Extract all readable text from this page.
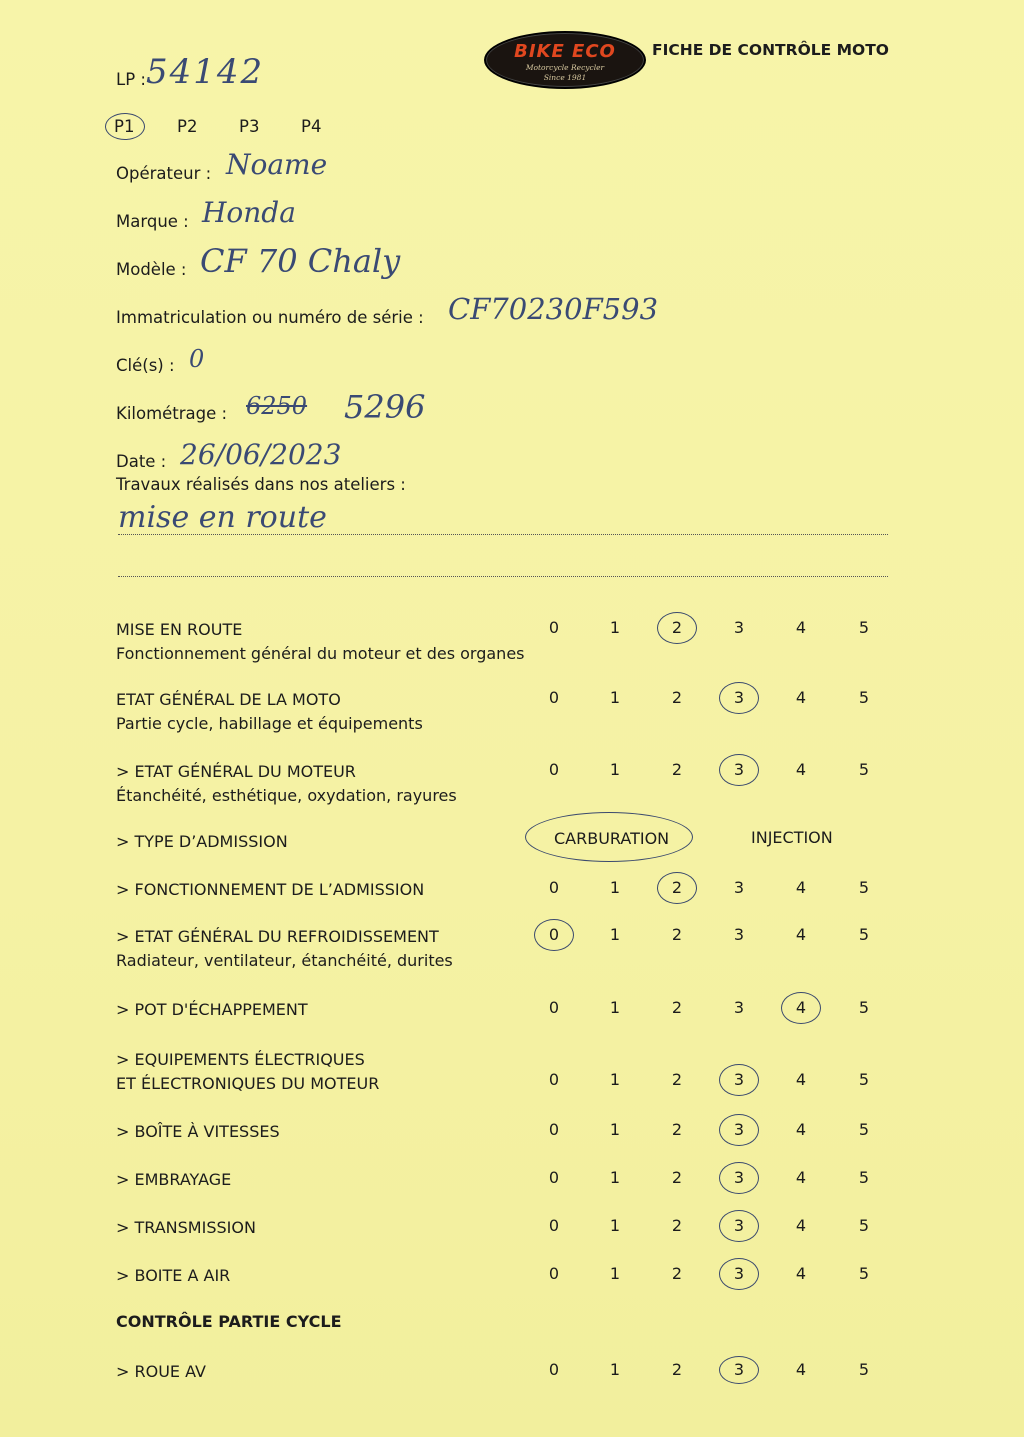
LP : 54142
BIKE ECO
Motorcycle Recycler
Since 1981
FICHE DE CONTRÔLE MOTO
P1	P2	P3	P4
Opérateur : Noame
Marque : Honda
Modèle : CF 70 Chaly
Immatriculation ou numéro de série : CF70230F593
Clé(s) : 0
Kilométrage : 6250 5296
Date : 26/06/2023
Travaux réalisés dans nos ateliers :
mise en route
MISE EN ROUTE
Fonctionnement général du moteur et des organes
0	1	2	3	4	5
ETAT GÉNÉRAL DE LA MOTO
Partie cycle, habillage et équipements
0	1	2	3	4	5
> ETAT GÉNÉRAL DU MOTEUR
Étanchéité, esthétique, oxydation, rayures
0	1	2	3	4	5
> FONCTIONNEMENT DE L’ADMISSION	0	1	2	3	4	5
> ETAT GÉNÉRAL DU REFROIDISSEMENT
Radiateur, ventilateur, étanchéité, durites
0	1	2	3	4	5
> POT D'ÉCHAPPEMENT	0	1	2	3	4	5
> EQUIPEMENTS ÉLECTRIQUES
ET ÉLECTRONIQUES DU MOTEUR	0	1	2	3	4	5
> BOÎTE À VITESSES	0	1	2	3	4	5
> EMBRAYAGE	0	1	2	3	4	5
> TRANSMISSION	0	1	2	3	4	5
> BOITE A AIR	0	1	2	3	4	5
> TYPE D’ADMISSION	CARBURATION	INJECTION
CONTRÔLE PARTIE CYCLE
> ROUE AV	0	1	2	3	4	5
